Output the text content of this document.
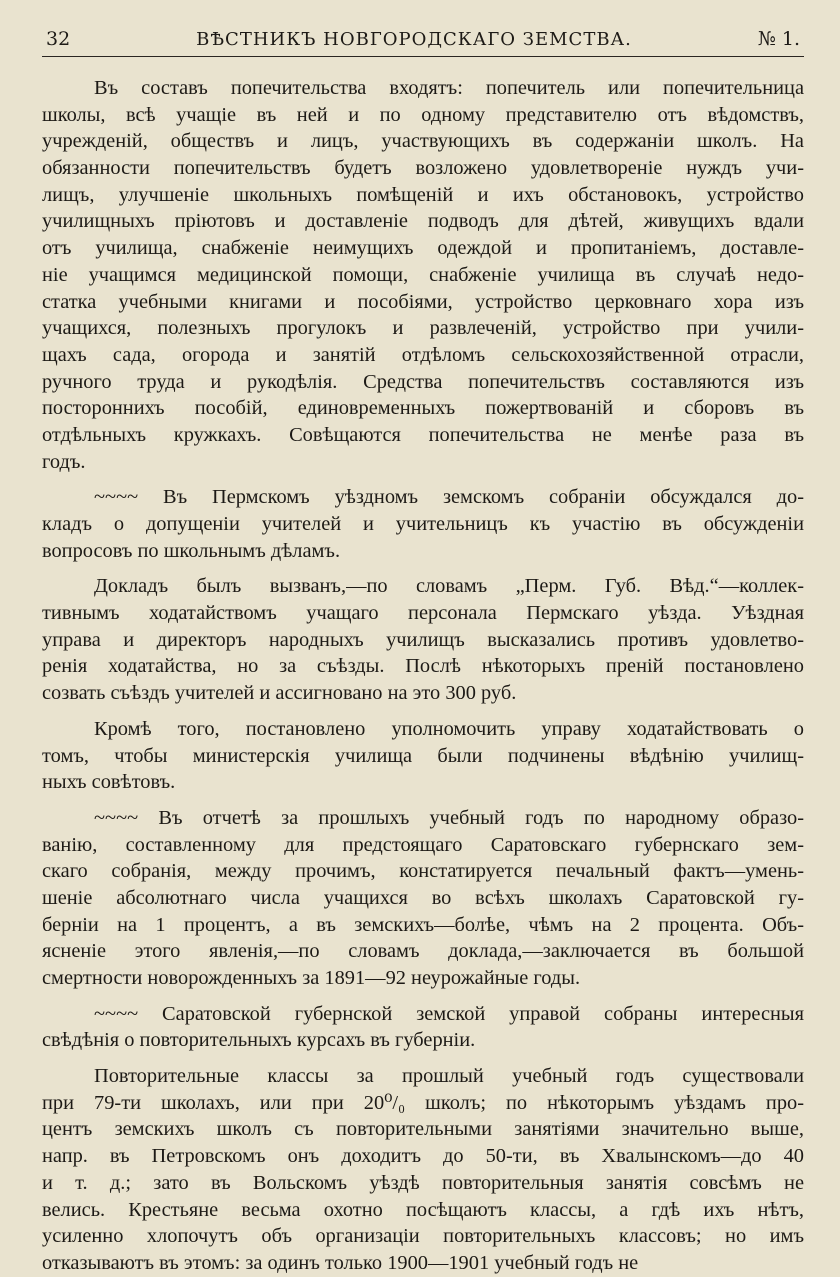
32	ВѢСТНИКЪ НОВГОРОДСКАГО ЗЕМСТВА.	№ 1.
Въ составъ попечительства входятъ: попечитель или попечительница
школы, всѣ учащіе въ ней и по одному представителю отъ вѣдомствъ,
учрежденій, обществъ и лицъ, участвующихъ въ содержаніи школъ. На
обязанности попечительствъ будетъ возложено удовлетвореніе нуждъ учи-
лищъ, улучшеніе школьныхъ помѣщеній и ихъ обстановокъ, устройство
училищныхъ пріютовъ и доставленіе подводъ для дѣтей, живущихъ вдали
отъ училища, снабженіе неимущихъ одеждой и пропитаніемъ, доставле-
ніе учащимся медицинской помощи, снабженіе училища въ случаѣ недо-
статка учебными книгами и пособіями, устройство церковнаго хора изъ
учащихся, полезныхъ прогулокъ и развлеченій, устройство при учили-
щахъ сада, огорода и занятій отдѣломъ сельскохозяйственной отрасли,
ручного труда и рукодѣлія. Средства попечительствъ составляются изъ
постороннихъ пособій, единовременныхъ пожертвованій и сборовъ въ
отдѣльныхъ кружкахъ. Совѣщаются попечительства не менѣе раза въ
годъ.
~~~~ Въ Пермскомъ уѣздномъ земскомъ собраніи обсуждался до-
кладъ о допущеніи учителей и учительницъ къ участію въ обсужденіи
вопросовъ по школьнымъ дѣламъ.
Докладъ былъ вызванъ,—по словамъ „Перм. Губ. Вѣд.“—коллек-
тивнымъ ходатайствомъ учащаго персонала Пермскаго уѣзда. Уѣздная
управа и директоръ народныхъ училищъ высказались противъ удовлетво-
ренія ходатайства, но за съѣзды. Послѣ нѣкоторыхъ преній постановлено
созвать съѣздъ учителей и ассигновано на это 300 руб.
Кромѣ того, постановлено уполномочить управу ходатайствовать о
томъ, чтобы министерскія училища были подчинены вѣдѣнію училищ-
ныхъ совѣтовъ.
~~~~ Въ отчетѣ за прошлыхъ учебный годъ по народному образо-
ванію, составленному для предстоящаго Саратовскаго губернскаго зем-
скаго собранія, между прочимъ, констатируется печальный фактъ—умень-
шеніе абсолютнаго числа учащихся во всѣхъ школахъ Саратовской гу-
берніи на 1 процентъ, а въ земскихъ—болѣе, чѣмъ на 2 процента. Объ-
ясненіе этого явленія,—по словамъ доклада,—заключается въ большой
смертности новорожденныхъ за 1891—92 неурожайные годы.
~~~~ Саратовской губернской земской управой собраны интересныя
свѣдѣнія о повторительныхъ курсахъ въ губерніи.
Повторительные классы за прошлый учебный годъ существовали
при 79-ти школахъ, или при 20⁰/₀ школъ; по нѣкоторымъ уѣздамъ про-
центъ земскихъ школъ съ повторительными занятіями значительно выше,
напр. въ Петровскомъ онъ доходитъ до 50-ти, въ Хвалынскомъ—до 40
и т. д.; зато въ Вольскомъ уѣздѣ повторительныя занятія совсѣмъ не
велись. Крестьяне весьма охотно посѣщаютъ классы, а гдѣ ихъ нѣтъ,
усиленно хлопочутъ объ организаціи повторительныхъ классовъ; но имъ
отказываютъ въ этомъ: за одинъ только 1900—1901 учебный годъ не
